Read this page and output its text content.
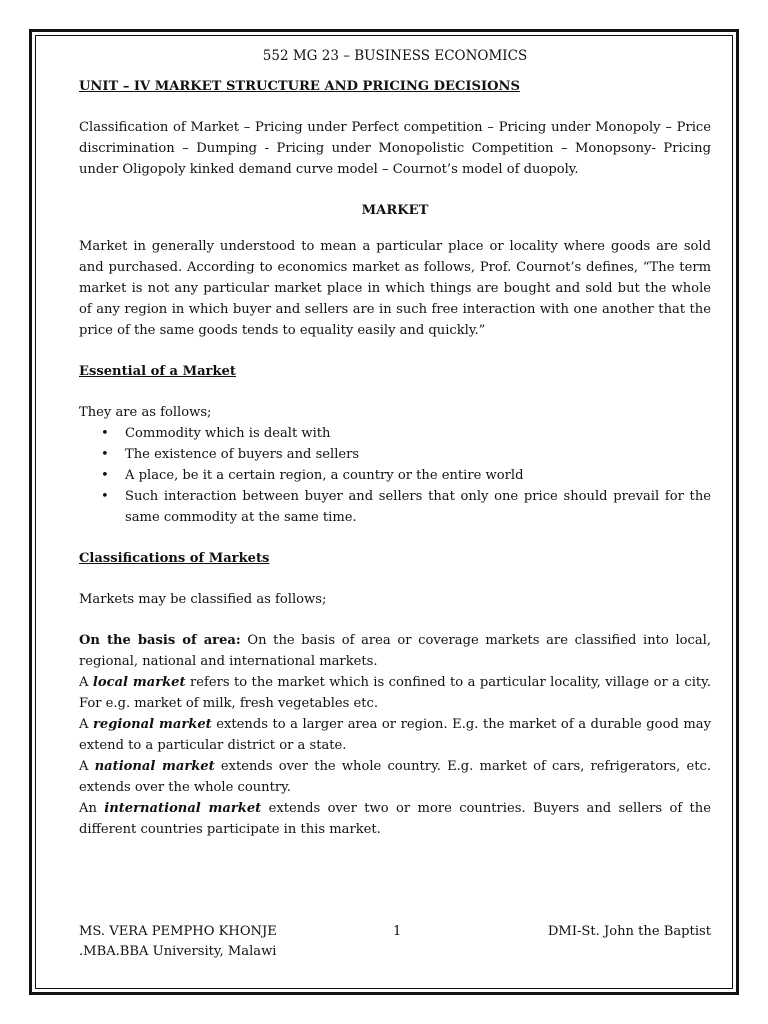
552 MG 23 – BUSINESS ECONOMICS
UNIT – IV MARKET STRUCTURE AND PRICING DECISIONS

Classification of Market – Pricing under Perfect competition – Pricing under Monopoly – Price discrimination – Dumping - Pricing under Monopolistic Competition – Monopsony- Pricing under Oligopoly kinked demand curve model – Cournot’s model of duopoly.

MARKET

Market in generally understood to mean a particular place or locality where goods are sold and purchased. According to economics market as follows, Prof. Cournot’s defines, “The term market is not any particular market place in which things are bought and sold but the whole of any region in which buyer and sellers are in such free interaction with one another that the price of the same goods tends to equality easily and quickly.”

Essential of a Market

They are as follows;

• Commodity which is dealt with
• The existence of buyers and sellers
• A place, be it a certain region, a country or the entire world
• Such interaction between buyer and sellers that only one price should prevail for the same commodity at the same time.
Classifications of Markets

Markets may be classified as follows;

On the basis of area: On the basis of area or coverage markets are classified into local, regional, national and international markets.

A local market refers to the market which is confined to a particular locality, village or a city. For e.g. market of milk, fresh vegetables etc.

A regional market extends to a larger area or region. E.g. the market of a durable good may extend to a particular district or a state.

A national market extends over the whole country. E.g. market of cars, refrigerators, etc. extends over the whole country.

An international market extends over two or more countries. Buyers and sellers of the different countries participate in this market.

MS. VERA PEMPHO KHONJE .MBA.BBA University, Malawi
1	DMI-St. John the Baptist
